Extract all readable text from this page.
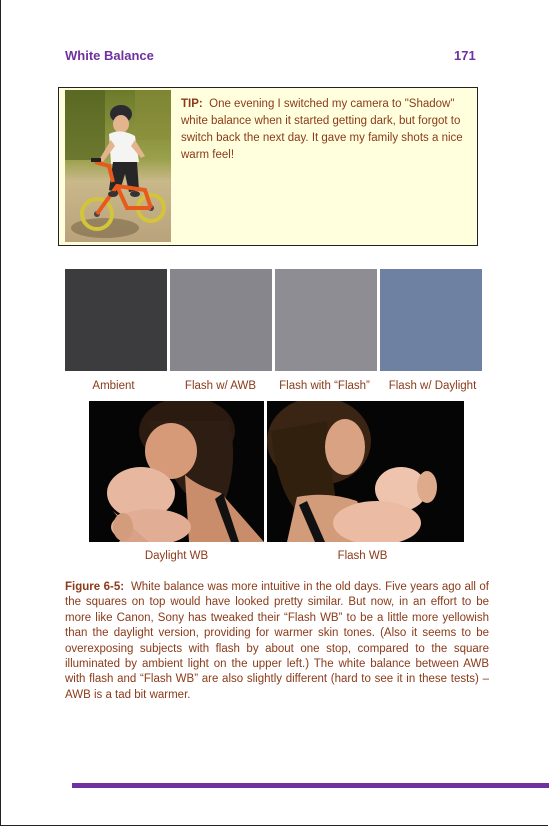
White Balance	171
TIP: One evening I switched my camera to "Shadow" white balance when it started getting dark, but forgot to switch back the next day. It gave my family shots a nice warm feel!
Ambient	Flash w/ AWB	Flash with “Flash”	Flash w/ Daylight
Daylight WB	Flash WB
Figure 6-5: White balance was more intuitive in the old days. Five years ago all of the squares on top would have looked pretty similar. But now, in an effort to be more like Canon, Sony has tweaked their “Flash WB” to be a little more yellowish than the daylight version, providing for warmer skin tones. (Also it seems to be overexposing subjects with flash by about one stop, compared to the square illuminated by ambient light on the upper left.) The white balance between AWB with flash and “Flash WB” are also slightly different (hard to see it in these tests) – AWB is a tad bit warmer.
